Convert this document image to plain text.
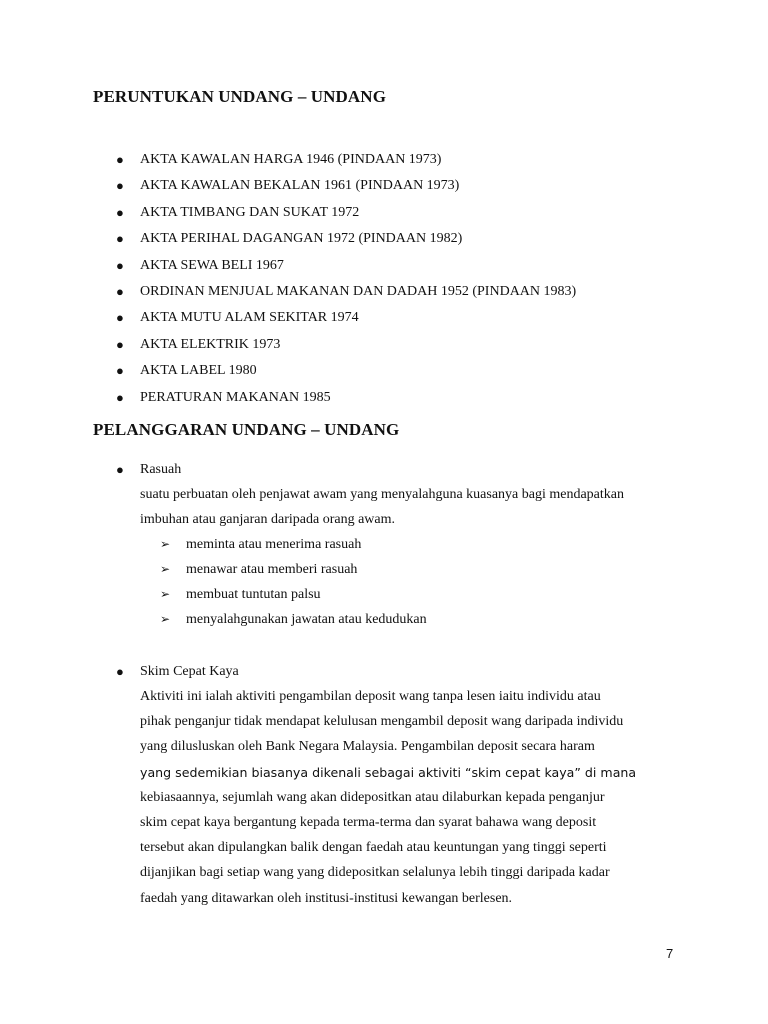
PERUNTUKAN UNDANG – UNDANG
● AKTA KAWALAN HARGA 1946 (PINDAAN 1973)
● AKTA KAWALAN BEKALAN 1961 (PINDAAN 1973)
● AKTA TIMBANG DAN SUKAT 1972
● AKTA PERIHAL DAGANGAN 1972 (PINDAAN 1982)
● AKTA SEWA BELI 1967
● ORDINAN MENJUAL MAKANAN DAN DADAH 1952 (PINDAAN 1983)
● AKTA MUTU ALAM SEKITAR 1974
● AKTA ELEKTRIK 1973
● AKTA LABEL 1980
● PERATURAN MAKANAN 1985
PELANGGARAN UNDANG – UNDANG
● Rasuah
suatu perbuatan oleh penjawat awam yang menyalahguna kuasanya bagi mendapatkan
imbuhan atau ganjaran daripada orang awam.
➢ meminta atau menerima rasuah
➢ menawar atau memberi rasuah
➢ membuat tuntutan palsu
➢ menyalahgunakan jawatan atau kedudukan
● Skim Cepat Kaya
Aktiviti ini ialah aktiviti pengambilan deposit wang tanpa lesen iaitu individu atau
pihak penganjur tidak mendapat kelulusan mengambil deposit wang daripada individu
yang dilusluskan oleh Bank Negara Malaysia. Pengambilan deposit secara haram
yang sedemikian biasanya dikenali sebagai aktiviti “skim cepat kaya” di mana
kebiasaannya, sejumlah wang akan didepositkan atau dilaburkan kepada penganjur
skim cepat kaya bergantung kepada terma-terma dan syarat bahawa wang deposit
tersebut akan dipulangkan balik dengan faedah atau keuntungan yang tinggi seperti
dijanjikan bagi setiap wang yang didepositkan selalunya lebih tinggi daripada kadar
faedah yang ditawarkan oleh institusi-institusi kewangan berlesen.
7
